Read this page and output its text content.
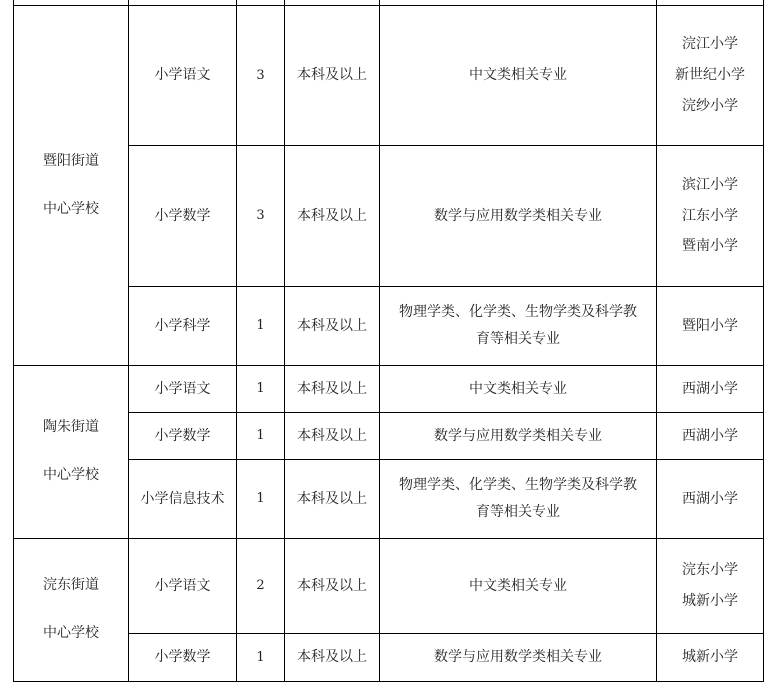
暨阳街道
中心学校	小学语文	3	本科及以上	中文类相关专业	浣江小学
新世纪小学
浣纱小学

	小学数学	3	本科及以上	数学与应用数学类相关专业	滨江小学
江东小学
暨南小学

	小学科学	1	本科及以上	物理学类、化学类、生物学类及科学教
育等相关专业	暨阳小学

陶朱街道
中心学校	小学语文	1	本科及以上	中文类相关专业	西湖小学

	小学数学	1	本科及以上	数学与应用数学类相关专业	西湖小学

	小学信息技术	1	本科及以上	物理学类、化学类、生物学类及科学教
育等相关专业	西湖小学

浣东街道
中心学校	小学语文	2	本科及以上	中文类相关专业	浣东小学
城新小学

	小学数学	1	本科及以上	数学与应用数学类相关专业	城新小学
